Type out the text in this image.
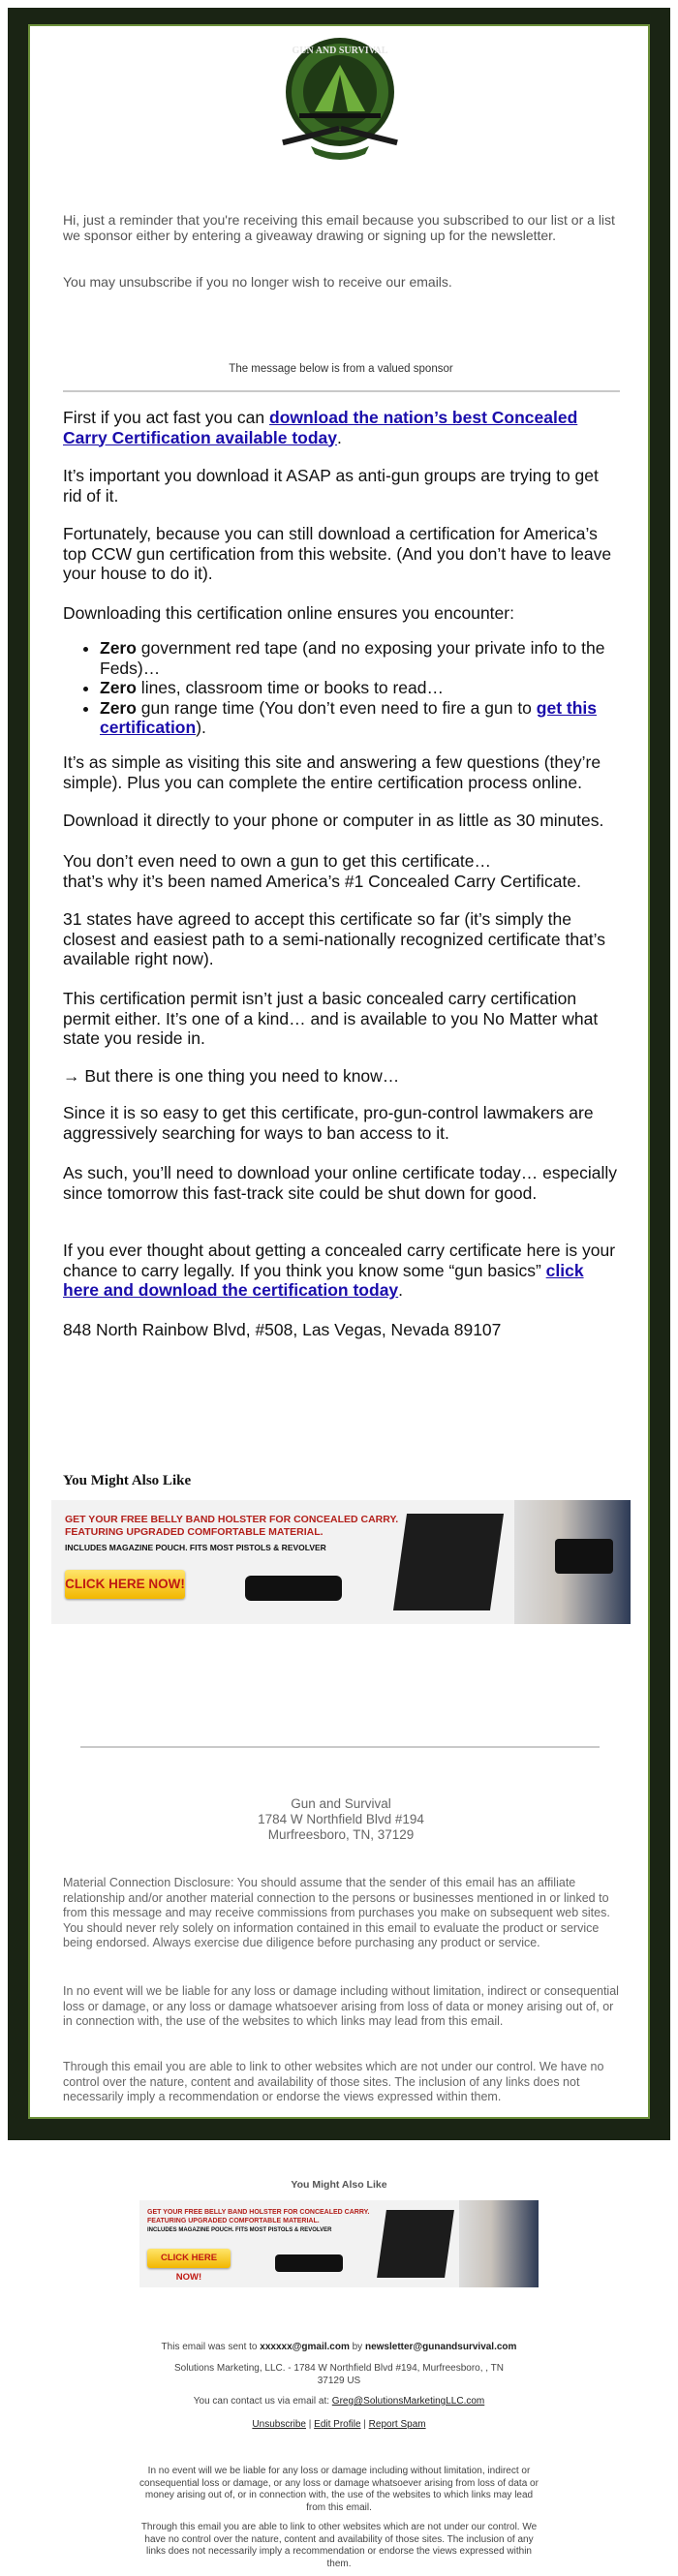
GUN AND SURVIVAL
Hi, just a reminder that you're receiving this email because you subscribed to our list or a list we sponsor either by entering a giveaway drawing or signing up for the newsletter.
You may unsubscribe if you no longer wish to receive our emails.
The message below is from a valued sponsor

First if you act fast you can download the nation’s best Concealed Carry Certification available today.

It’s important you download it ASAP as anti-gun groups are trying to get rid of it.

Fortunately, because you can still download a certification for America’s top CCW gun certification from this website. (And you don’t have to leave your house to do it).

Downloading this certification online ensures you encounter:

• Zero government red tape (and no exposing your private info to the Feds)…
• Zero lines, classroom time or books to read…
• Zero gun range time (You don’t even need to fire a gun to get this certification).

It’s as simple as visiting this site and answering a few questions (they’re simple). Plus you can complete the entire certification process online.

Download it directly to your phone or computer in as little as 30 minutes.

You don’t even need to own a gun to get this certificate…

that’s why it’s been named America’s #1 Concealed Carry Certificate.

31 states have agreed to accept this certificate so far (it’s simply the closest and easiest path to a semi-nationally recognized certificate that’s available right now).

This certification permit isn’t just a basic concealed carry certification permit either. It’s one of a kind… and is available to you No Matter what state you reside in.

→ But there is one thing you need to know…

Since it is so easy to get this certificate, pro-gun-control lawmakers are aggressively searching for ways to ban access to it.

As such, you’ll need to download your online certificate today… especially since tomorrow this fast-track site could be shut down for good.

If you ever thought about getting a concealed carry certificate here is your chance to carry legally. If you think you know some “gun basics” click here and download the certification today.

848 North Rainbow Blvd, #508, Las Vegas, Nevada 89107

You Might Also Like
GET YOUR FREE BELLY BAND HOLSTER FOR CONCEALED CARRY.
FEATURING UPGRADED COMFORTABLE MATERIAL.
INCLUDES MAGAZINE POUCH. FITS MOST PISTOLS & REVOLVER
CLICK HERE NOW!
Gun and Survival
1784 W Northfield Blvd #194
Murfreesboro, TN, 37129

Material Connection Disclosure: You should assume that the sender of this email has an affiliate relationship and/or another material connection to the persons or businesses mentioned in or linked to from this message and may receive commissions from purchases you make on subsequent web sites. You should never rely solely on information contained in this email to evaluate the product or service being endorsed. Always exercise due diligence before purchasing any product or service.

In no event will we be liable for any loss or damage including without limitation, indirect or consequential loss or damage, or any loss or damage whatsoever arising from loss of data or money arising out of, or in connection with, the use of the websites to which links may lead from this email.

Through this email you are able to link to other websites which are not under our control. We have no control over the nature, content and availability of those sites. The inclusion of any links does not necessarily imply a recommendation or endorse the views expressed within them.

You Might Also Like
GET YOUR FREE BELLY BAND HOLSTER FOR CONCEALED CARRY.
FEATURING UPGRADED COMFORTABLE MATERIAL.
INCLUDES MAGAZINE POUCH. FITS MOST PISTOLS & REVOLVER
CLICK HERE NOW!
This email was sent to xxxxxx@gmail.com by newsletter@gunandsurvival.com
Solutions Marketing, LLC. - 1784 W Northfield Blvd #194, Murfreesboro, , TN 37129 US
You can contact us via email at: Greg@SolutionsMarketingLLC.com
Unsubscribe | Edit Profile | Report Spam
In no event will we be liable for any loss or damage including without limitation, indirect or consequential loss or damage, or any loss or damage whatsoever arising from loss of data or money arising out of, or in connection with, the use of the websites to which links may lead from this email.
Through this email you are able to link to other websites which are not under our control. We have no control over the nature, content and availability of those sites. The inclusion of any links does not necessarily imply a recommendation or endorse the views expressed within them.
